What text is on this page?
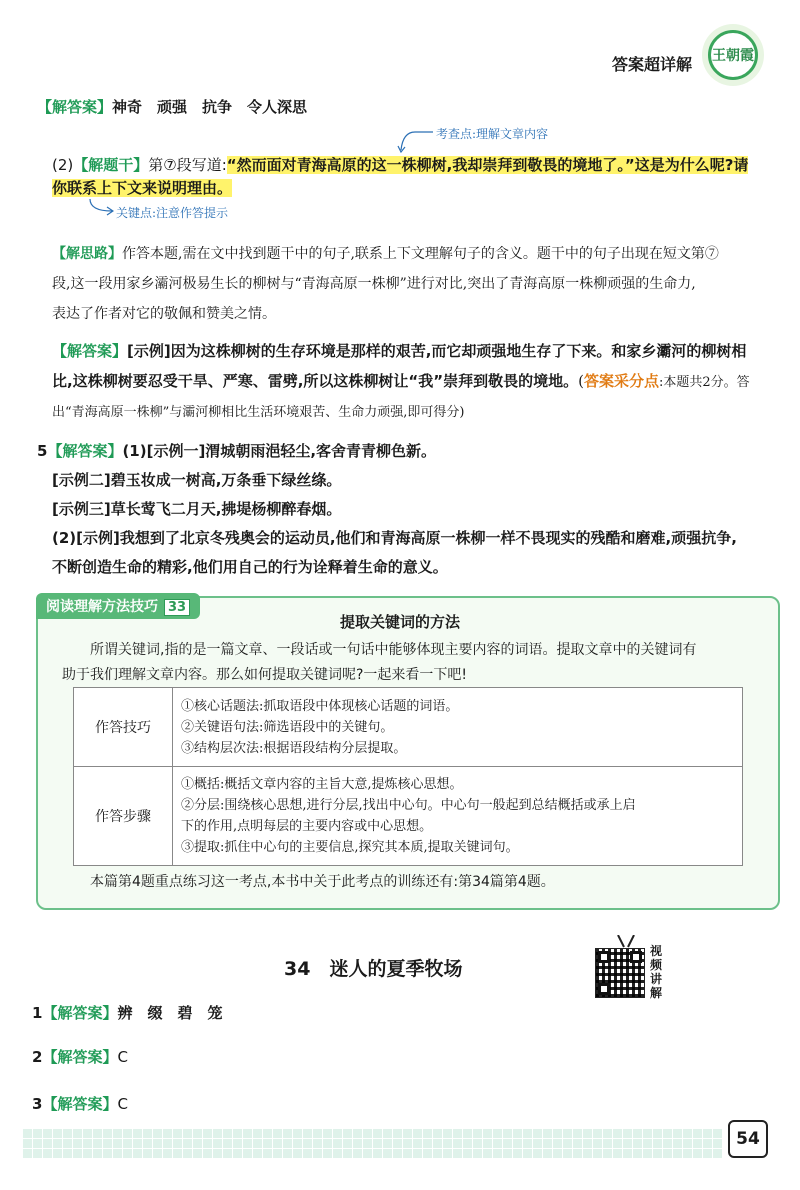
答案超详解 王朝霞
【解答案】神奇　顽强　抗争　令人深思
考查点:理解文章内容
(2)【解题干】第⑦段写道:“然而面对青海高原的这一株柳树,我却崇拜到敬畏的境地了。”这是为什么呢?请
你联系上下文来说明理由。
关键点:注意作答提示
【解思路】作答本题,需在文中找到题干中的句子,联系上下文理解句子的含义。题干中的句子出现在短文第⑦
段,这一段用家乡灞河极易生长的柳树与“青海高原一株柳”进行对比,突出了青海高原一株柳顽强的生命力,
表达了作者对它的敬佩和赞美之情。
【解答案】[示例]因为这株柳树的生存环境是那样的艰苦,而它却顽强地生存了下来。和家乡灞河的柳树相
比,这株柳树要忍受干旱、严寒、雷劈,所以这株柳树让“我”崇拜到敬畏的境地。(答案采分点:本题共2分。答
出“青海高原一株柳”与灞河柳相比生活环境艰苦、生命力顽强,即可得分)
5【解答案】(1)[示例一]渭城朝雨浥轻尘,客舍青青柳色新。
[示例二]碧玉妆成一树高,万条垂下绿丝绦。
[示例三]草长莺飞二月天,拂堤杨柳醉春烟。
(2)[示例]我想到了北京冬残奥会的运动员,他们和青海高原一株柳一样不畏现实的残酷和磨难,顽强抗争,
不断创造生命的精彩,他们用自己的行为诠释着生命的意义。
阅读理解方法技巧 33
提取关键词的方法
所谓关键词,指的是一篇文章、一段话或一句话中能够体现主要内容的词语。提取文章中的关键词有
助于我们理解文章内容。那么如何提取关键词呢?一起来看一下吧!
作答技巧	①核心话题法:抓取语段中体现核心话题的词语。
②关键语句法:筛选语段中的关键句。
③结构层次法:根据语段结构分层提取。

作答步骤	①概括:概括文章内容的主旨大意,提炼核心思想。
②分层:围绕核心思想,进行分层,找出中心句。中心句一般起到总结概括或承上启
下的作用,点明每层的主要内容或中心思想。
③提取:抓住中心句的主要信息,探究其本质,提取关键词句。
本篇第4题重点练习这一考点,本书中关于此考点的训练还有:第34篇第4题。
34　迷人的夏季牧场
视
频
讲
解
1【解答案】辨　缀　碧　笼
2【解答案】C
3【解答案】C
54
